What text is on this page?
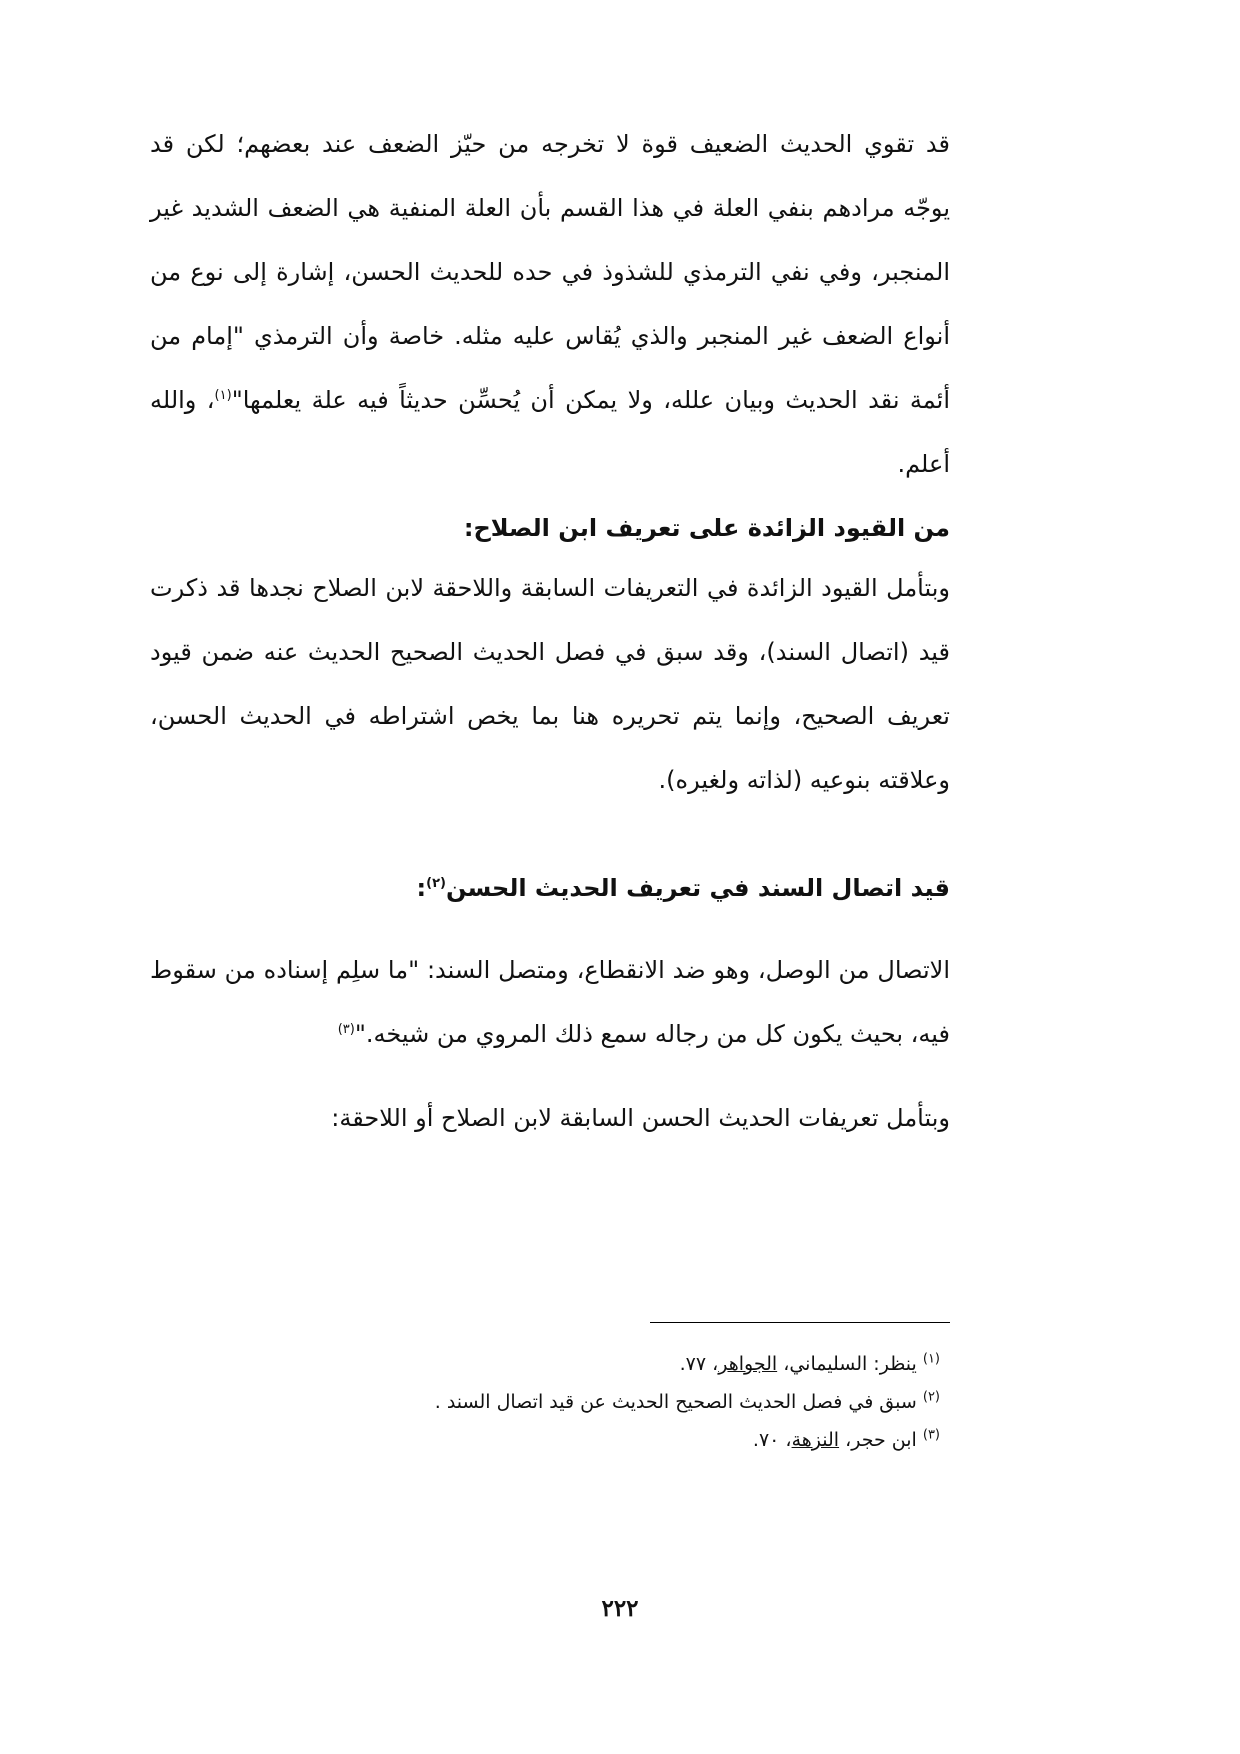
قد تقوي الحديث الضعيف قوة لا تخرجه من حيّز الضعف عند بعضهم؛ لكن قد يوجّه مرادهم بنفي العلة في هذا القسم بأن العلة المنفية هي الضعف الشديد غير المنجبر، وفي نفي الترمذي للشذوذ في حده للحديث الحسن، إشارة إلى نوع من أنواع الضعف غير المنجبر والذي يُقاس عليه مثله. خاصة وأن الترمذي "إمام من أئمة نقد الحديث وبيان علله، ولا يمكن أن يُحسِّن حديثاً فيه علة يعلمها"$^{(١)}$، والله أعلم.

من القيود الزائدة على تعريف ابن الصلاح:

وبتأمل القيود الزائدة في التعريفات السابقة واللاحقة لابن الصلاح نجدها قد ذكرت قيد (اتصال السند)، وقد سبق في فصل الحديث الصحيح الحديث عنه ضمن قيود تعريف الصحيح، وإنما يتم تحريره هنا بما يخص اشتراطه في الحديث الحسن، وعلاقته بنوعيه (لذاته ولغيره).

قيد اتصال السند في تعريف الحديث الحسن$^{(٢)}$:

الاتصال من الوصل، وهو ضد الانقطاع، ومتصل السند: "ما سلِم إسناده من سقوط فيه، بحيث يكون كل من رجاله سمع ذلك المروي من شيخه."$^{(٣)}$

وبتأمل تعريفات الحديث الحسن السابقة لابن الصلاح أو اللاحقة:

$^{(١)}$ ينظر: السليماني، الجواهر، ٧٧.

$^{(٢)}$ سبق في فصل الحديث الصحيح الحديث عن قيد اتصال السند .

$^{(٣)}$ ابن حجر، النزهة، ٧٠.

٢٢٢
